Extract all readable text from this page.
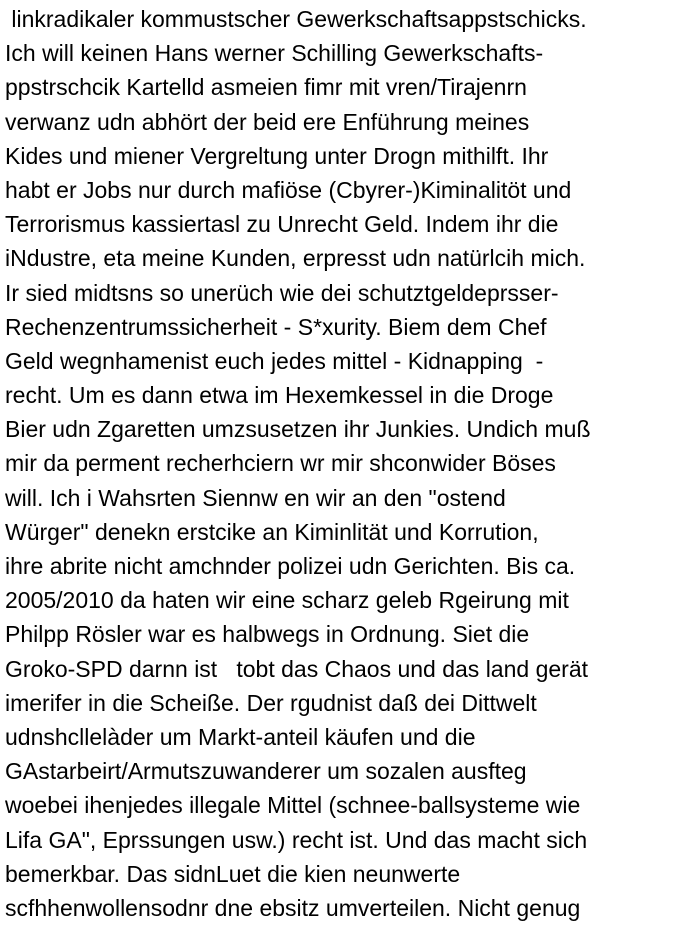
linkradikaler kommustscher Gewerkschaftsappstschicks.
Ich will keinen Hans werner Schilling Gewerkschafts-
ppstrschcik Kartelld asmeien fimr mit vren/Tirajenrn
verwanz udn abhört der beid ere Enführung meines
Kides und miener Vergreltung unter Drogn mithilft. Ihr
habt er Jobs nur durch mafiöse (Cbyrer-)Kiminalitöt und
Terrorismus kassiertasl zu Unrecht Geld. Indem ihr die
iNdustre, eta meine Kunden, erpresst udn natürlcih mich.
Ir sied midtsns so unerüch wie dei schutztgeldeprsser-
Rechenzentrumssicherheit - S*xurity. Biem dem Chef
Geld wegnhamenist euch jedes mittel - Kidnapping  -
recht. Um es dann etwa im Hexemkessel in die Droge
Bier udn Zgaretten umzsusetzen ihr Junkies. Undich muß
mir da perment recherhciern wr mir shconwider Böses
will. Ich i Wahsrten Siennw en wir an den "ostend
Würger" denekn erstcike an Kiminlität und Korrution,
ihre abrite nicht amchnder polizei udn Gerichten. Bis ca.
2005/2010 da haten wir eine scharz geleb Rgeirung mit
Philpp Rösler war es halbwegs in Ordnung. Siet die
Groko-SPD darnn ist   tobt das Chaos und das land gerät
imerifer in die Scheiße. Der rgudnist daß dei Dittwelt
udnshcllelàder um Markt-anteil käufen und die
GAstarbeirt/Armutszuwanderer um sozalen ausfteg
woebei ihenjedes illegale Mittel (schnee-ballsysteme wie
Lifa GA", Eprssungen usw.) recht ist. Und das macht sich
bemerkbar. Das sidnLuet die kien neunwerte
scfhhenwollensodnr dne ebsitz umverteilen. Nicht genug
